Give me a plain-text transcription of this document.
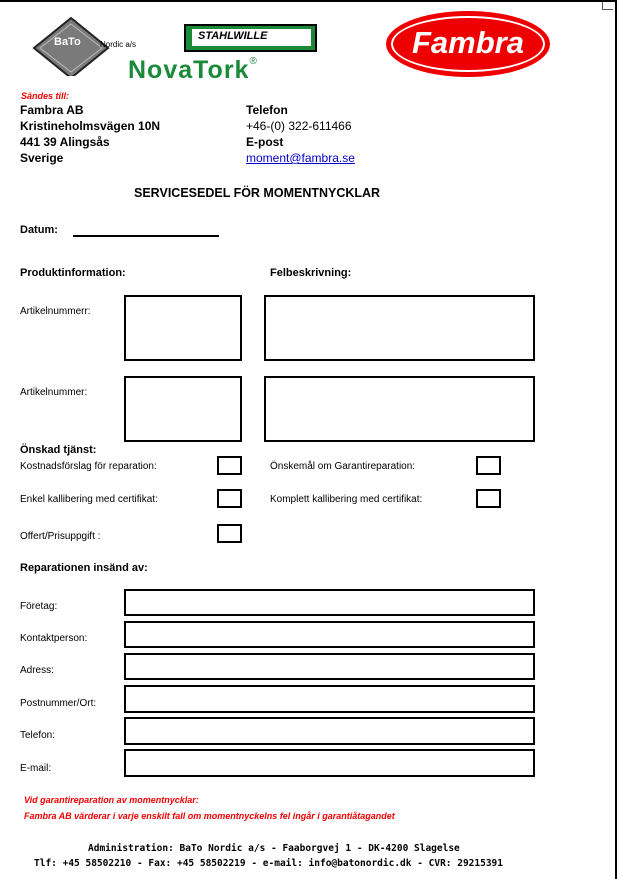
BaTo Nordic a/s
STAHLWILLE
NovaTork®
Fambra
Sändes till:
Fambra AB
Kristineholmsvägen 10N
441 39 Alingsås
Sverige
Telefon
+46-(0) 322-611466
E-post
moment@fambra.se
SERVICESEDEL FÖR MOMENTNYCKLAR
Datum:
Produktinformation:	Felbeskrivning:
Artikelnummerr:
Artikelnummer:
Önskad tjänst:
Kostnadsförslag för reparation:	Önskemål om Garantireparation:
Enkel kallibering med certifikat:	Komplett kallibering med certifikat:
Offert/Prisuppgift :
Reparationen insänd av:
Företag:
Kontaktperson:
Adress:
Postnummer/Ort:
Telefon:
E-mail:
Vid garantireparation av momentnycklar:
Fambra AB värderar i varje enskilt fall om momentnyckelns fel ingår i garantiåtagandet
Administration: BaTo Nordic a/s - Faaborgvej 1 - DK-4200 Slagelse
Tlf: +45 58502210 - Fax: +45 58502219 - e-mail: info@batonordic.dk - CVR: 29215391
